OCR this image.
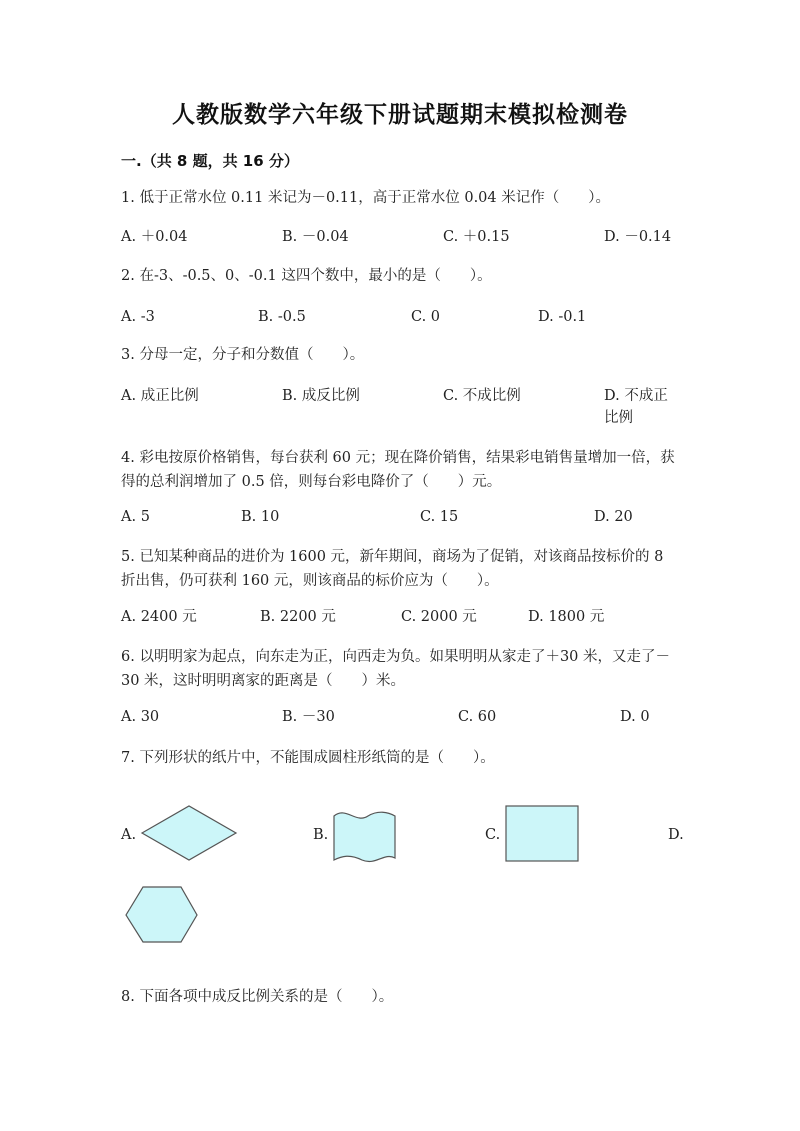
人教版数学六年级下册试题期末模拟检测卷
一.（共 8 题，共 16 分）
1. 低于正常水位 0.11 米记为－0.11，高于正常水位 0.04 米记作（　　）。
A. ＋0.04	B. －0.04	C. ＋0.15	D. －0.14
2. 在-3、-0.5、0、-0.1 这四个数中，最小的是（　　）。
A. -3	B. -0.5	C. 0	D. -0.1
3. 分母一定，分子和分数值（　　）。
A. 成正比例	B. 成反比例	C. 不成比例	D. 不成正比例
4. 彩电按原价格销售，每台获利 60 元；现在降价销售，结果彩电销售量增加一倍，获得的总利润增加了 0.5 倍，则每台彩电降价了（　　）元。
A. 5	B. 10	C. 15	D. 20
5. 已知某种商品的进价为 1600 元，新年期间，商场为了促销，对该商品按标价的 8 折出售，仍可获利 160 元，则该商品的标价应为（　　）。
A. 2400 元	B. 2200 元	C. 2000 元	D. 1800 元
6. 以明明家为起点，向东走为正，向西走为负。如果明明从家走了＋30 米，又走了－30 米，这时明明离家的距离是（　　）米。
A. 30	B. －30	C. 60	D. 0
7. 下列形状的纸片中，不能围成圆柱形纸筒的是（　　）。
A.	B.	C.	D.
8. 下面各项中成反比例关系的是（　　）。
